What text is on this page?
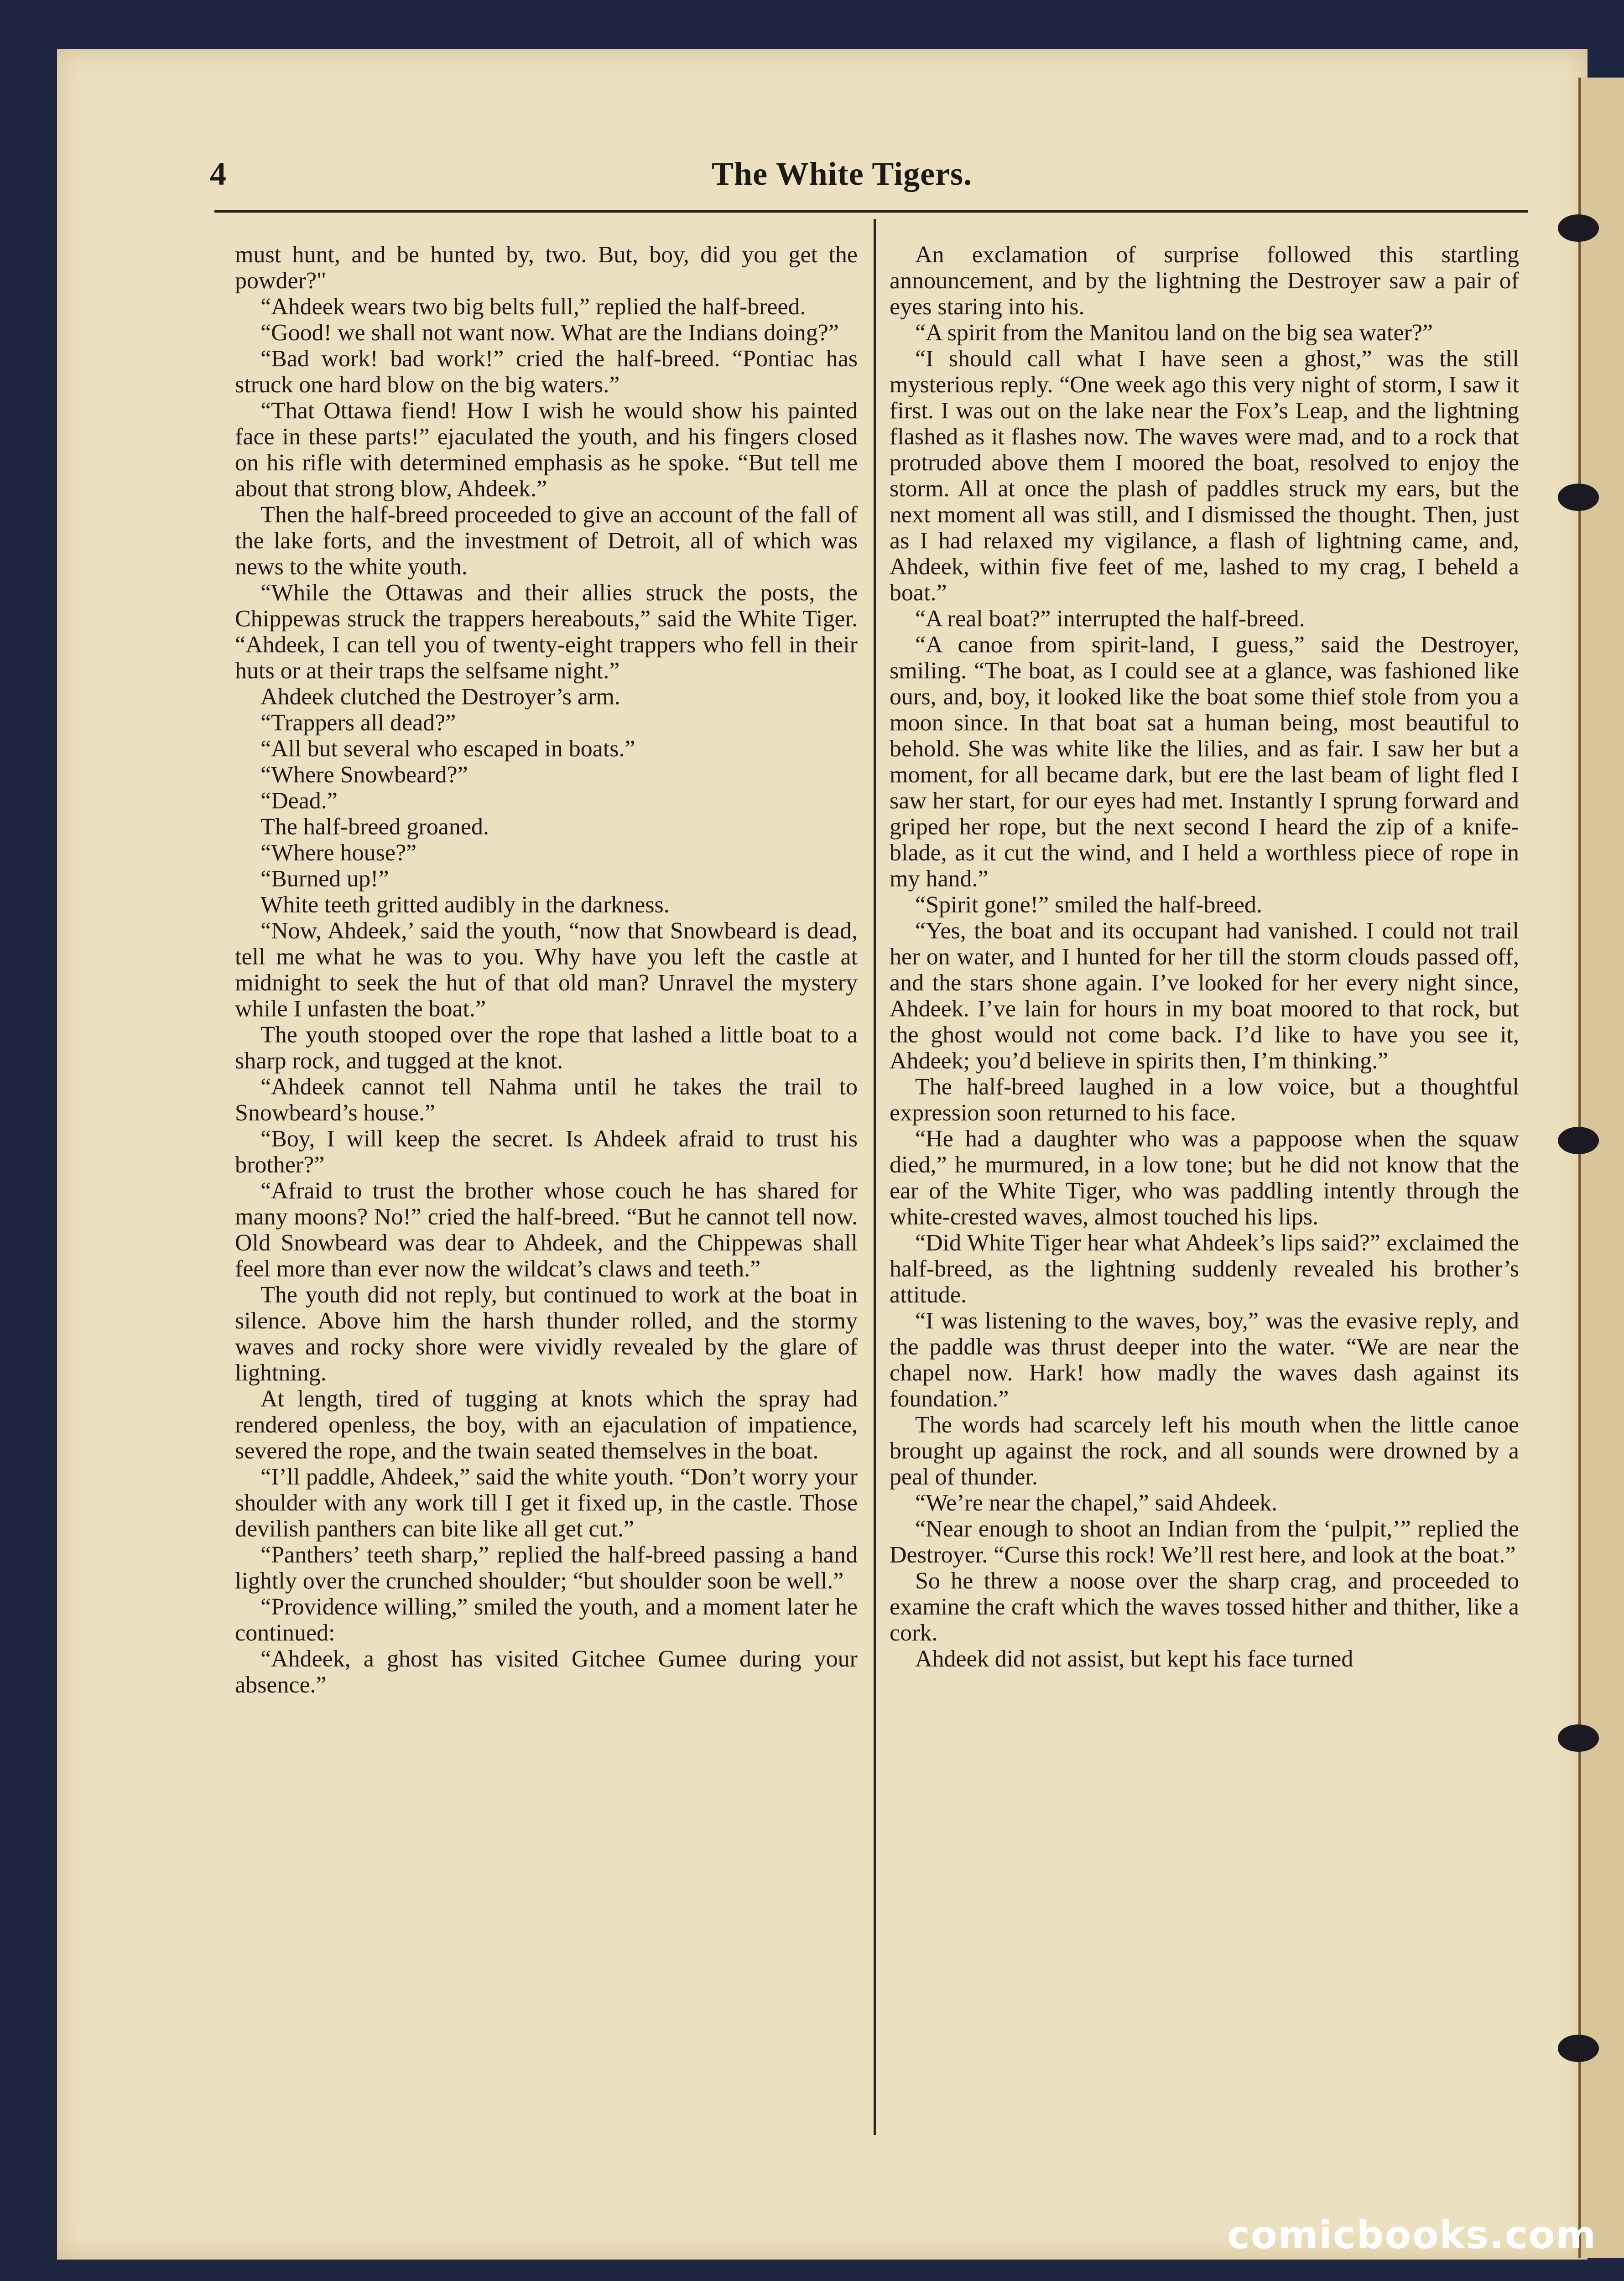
4	The White Tigers.

must hunt, and be hunted by, two. But, boy, did you get the powder?"

“Ahdeek wears two big belts full,” replied the half-breed.

“Good! we shall not want now. What are the Indians doing?”

“Bad work! bad work!” cried the half-breed. “Pontiac has struck one hard blow on the big waters.”

“That Ottawa fiend! How I wish he would show his painted face in these parts!” ejaculated the youth, and his fingers closed on his rifle with determined emphasis as he spoke. “But tell me about that strong blow, Ahdeek.”

Then the half-breed proceeded to give an account of the fall of the lake forts, and the investment of Detroit, all of which was news to the white youth.

“While the Ottawas and their allies struck the posts, the Chippewas struck the trappers hereabouts,” said the White Tiger. “Ahdeek, I can tell you of twenty-eight trappers who fell in their huts or at their traps the selfsame night.”

Ahdeek clutched the Destroyer’s arm.

“Trappers all dead?”

“All but several who escaped in boats.”

“Where Snowbeard?”

“Dead.”

The half-breed groaned.

“Where house?”

“Burned up!”

White teeth gritted audibly in the darkness.

“Now, Ahdeek,’ said the youth, “now that Snowbeard is dead, tell me what he was to you. Why have you left the castle at midnight to seek the hut of that old man? Unravel the mystery while I unfasten the boat.”

The youth stooped over the rope that lashed a little boat to a sharp rock, and tugged at the knot.

“Ahdeek cannot tell Nahma until he takes the trail to Snowbeard’s house.”

“Boy, I will keep the secret. Is Ahdeek afraid to trust his brother?”

“Afraid to trust the brother whose couch he has shared for many moons? No!” cried the half-breed. “But he cannot tell now. Old Snowbeard was dear to Ahdeek, and the Chippewas shall feel more than ever now the wildcat’s claws and teeth.”

The youth did not reply, but continued to work at the boat in silence. Above him the harsh thunder rolled, and the stormy waves and rocky shore were vividly revealed by the glare of lightning.

At length, tired of tugging at knots which the spray had rendered openless, the boy, with an ejaculation of impatience, severed the rope, and the twain seated themselves in the boat.

“I’ll paddle, Ahdeek,” said the white youth. “Don’t worry your shoulder with any work till I get it fixed up, in the castle. Those devilish panthers can bite like all get cut.”

“Panthers’ teeth sharp,” replied the half-breed passing a hand lightly over the crunched shoulder; “but shoulder soon be well.”

“Providence willing,” smiled the youth, and a moment later he continued:

“Ahdeek, a ghost has visited Gitchee Gumee during your absence.”

An exclamation of surprise followed this startling announcement, and by the lightning the Destroyer saw a pair of eyes staring into his.

“A spirit from the Manitou land on the big sea water?”

“I should call what I have seen a ghost,” was the still mysterious reply. “One week ago this very night of storm, I saw it first. I was out on the lake near the Fox’s Leap, and the lightning flashed as it flashes now. The waves were mad, and to a rock that protruded above them I moored the boat, resolved to enjoy the storm. All at once the plash of paddles struck my ears, but the next moment all was still, and I dismissed the thought. Then, just as I had relaxed my vigilance, a flash of lightning came, and, Ahdeek, within five feet of me, lashed to my crag, I beheld a boat.”

“A real boat?” interrupted the half-breed.

“A canoe from spirit-land, I guess,” said the Destroyer, smiling. “The boat, as I could see at a glance, was fashioned like ours, and, boy, it looked like the boat some thief stole from you a moon since. In that boat sat a human being, most beautiful to behold. She was white like the lilies, and as fair. I saw her but a moment, for all became dark, but ere the last beam of light fled I saw her start, for our eyes had met. Instantly I sprung forward and griped her rope, but the next second I heard the zip of a knife-blade, as it cut the wind, and I held a worthless piece of rope in my hand.”

“Spirit gone!” smiled the half-breed.

“Yes, the boat and its occupant had vanished. I could not trail her on water, and I hunted for her till the storm clouds passed off, and the stars shone again. I’ve looked for her every night since, Ahdeek. I’ve lain for hours in my boat moored to that rock, but the ghost would not come back. I’d like to have you see it, Ahdeek; you’d believe in spirits then, I’m thinking.”

The half-breed laughed in a low voice, but a thoughtful expression soon returned to his face.

“He had a daughter who was a pappoose when the squaw died,” he murmured, in a low tone; but he did not know that the ear of the White Tiger, who was paddling intently through the white-crested waves, almost touched his lips.

“Did White Tiger hear what Ahdeek’s lips said?” exclaimed the half-breed, as the lightning suddenly revealed his brother’s attitude.

“I was listening to the waves, boy,” was the evasive reply, and the paddle was thrust deeper into the water. “We are near the chapel now. Hark! how madly the waves dash against its foundation.”

The words had scarcely left his mouth when the little canoe brought up against the rock, and all sounds were drowned by a peal of thunder.

“We’re near the chapel,” said Ahdeek.

“Near enough to shoot an Indian from the ‘pulpit,’” replied the Destroyer. “Curse this rock! We’ll rest here, and look at the boat.”

So he threw a noose over the sharp crag, and proceeded to examine the craft which the waves tossed hither and thither, like a cork.

Ahdeek did not assist, but kept his face turned

comicbooks.com
